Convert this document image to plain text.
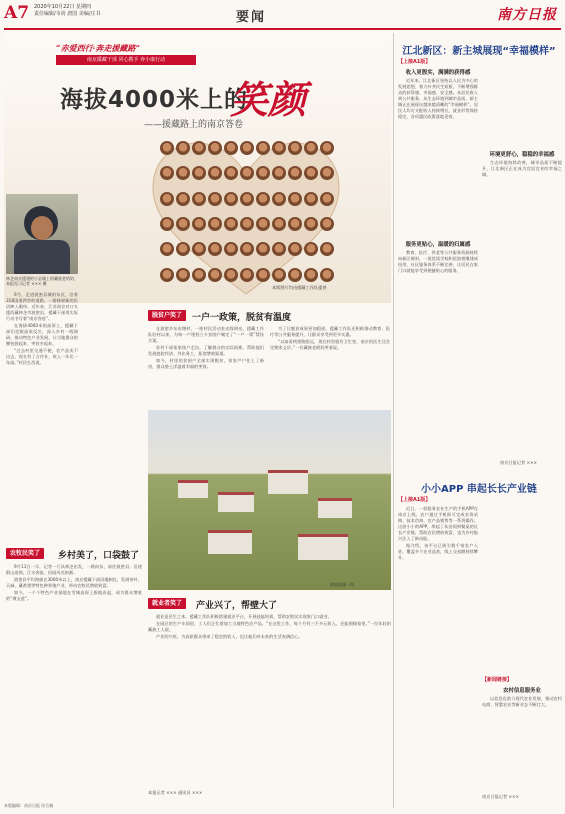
A7 2020年10月22日 星期四
责任编辑/韦尚 唐国 美编/庄书	要闻	南方日报
“赤爱西行·奔走援藏路”
南京援藏干部 同心携手 奔小康行动
海拔4000米上的
笑颜
——援藏路上的南京答卷
本版图片均由援藏工作队提供
林芝南京援建的小县城上的藏族老奶奶，本报见习记者 ××× 摄

9月，走进波密县城的东区，沿着318国道两旁的道路，一排排崭新的民居映入眼帘。近年来，江苏南京对口支援西藏林芝市波密县，援藏干部用实际行动书写着“南京答卷”。

在海拔4000米的高原上，援藏干部们克服高原反应，深入乡村一线调研，推动特色产业发展，让当地群众的腰包鼓起来、笑容多起来。

“过去村里交通不便，农产品卖不出去，现在有了合作社，收入一年比一年高。”村民扎西说。

脱贫户笑了	一户一政策，脱贫有温度

在波密乡东布塘村，一座村民活动室光线明亮。援藏工作队驻村以来，为每一户建档立卡贫困户制定了“一户一策”帮扶方案。

驻村干部挨家挨户走访，了解群众的实际困难，帮助他们发展庭院经济、外出务工，拓宽增收渠道。

如今，村里的贫困户全部实现脱贫，家家户户住上了新房，群众脸上洋溢着幸福的笑容。

为了让脱贫成果更加稳固，援藏工作队还积极推动教育、医疗等公共服务提升，让群众享受到更多实惠。

“以前看病要跑很远，现在村里就有卫生室，南京的医生还会定期来义诊。”一位藏族老阿妈笑着说。

波密县城一角
农牧民笑了	乡村美了，口袋鼓了

9月11日一早，记者一行从林芝出发，一路向东，前往波密县。沿途群山连绵，江水奔流，田园风光如画。

波密县平均海拔在3000米以上，南京援藏干部因地制宜，发展茶叶、天麻、藏香猪等特色种养殖产业，带动农牧民增收致富。

如今，一个个特色产业基地在雪域高原上拔地而起，成为群众增收的“聚宝盆”。

就业者笑了	产业兴了，帮壁大了

就业是民生之本。援藏工作队积极搭建就业平台，开展技能培训，帮助农牧民实现家门口就业。

在园区的生产车间里，工人们正忙着加工当地特色农产品。“在这里工作，每个月有三千多元收入，还能照顾家里。”一位年轻的藏族工人说。

产业的兴旺，为高原群众带来了稳定的收入，也让他们对未来的生活充满信心。

本报记者 ××× 通讯员 ×××
江北新区：新主城展现“幸福模样”
【上接A1版】
收入更殷实，满满的获得感

近年来，江北新区坚持以人民为中心的发展思想，着力补齐民生短板，不断增强群众的获得感、幸福感、安全感。从居民收入到公共服务，从生态环境到城市品质，新主城正在展现出越来越清晰的“幸福模样”。居民人均可支配收入持续增长，就业形势保持稳定，各项惠民政策落地见效。

服务更贴心，温暖的归属感

教育、医疗、养老等公共服务资源持续向新区倾斜，一批优质学校和医院相继建成投用，社区服务体系不断完善，让居民在家门口就能享受到便捷贴心的服务。

环境更舒心，稳稳的幸福感

生态环境持续改善，城市品质不断提升，江北新区正在成为宜居宜业的幸福之城。

南京日报记者 ×××
小小APP 串起长长产业链
【上接A1版】

近日，一款服务农业生产的手机APP在南京上线，农户通过手机即可完成农资采购、技术咨询、农产品销售等一系列操作。这款小小的APP，串起了从田间到餐桌的长长产业链，帮助农民增收致富，也为乡村振兴注入了新动能。

据介绍，该平台已吸引数千家农户入驻，覆盖多个农业品类，线上交易额持续攀升。

【新闻链接】
农村信息服务业

以信息化助力现代农业发展，推动农村电商、智慧农业等新业态不断壮大。

南京日报记者 ×××
本版编辑：南京日报 综合稿
